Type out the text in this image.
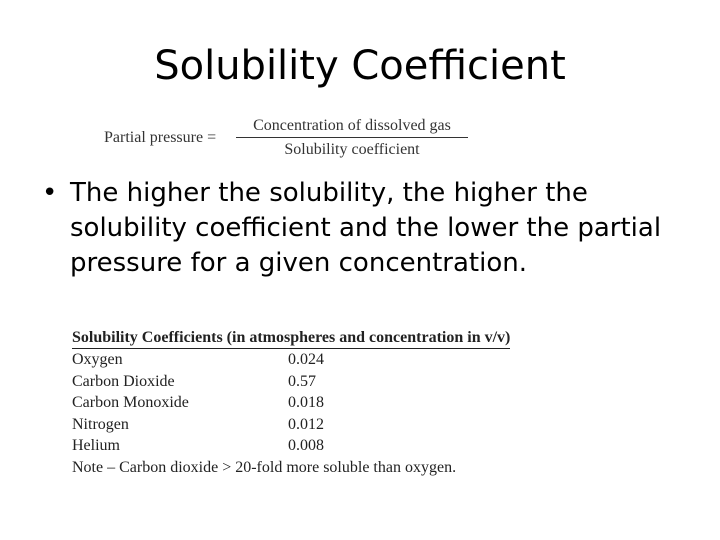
Solubility Coefficient
Partial pressure =
Concentration of dissolved gas
Solubility coefficient
• The higher the solubility, the higher the solubility coefficient and the lower the partial pressure for a given concentration.
Solubility Coefficients (in atmospheres and concentration in v/v)
Oxygen	0.024
Carbon Dioxide	0.57
Carbon Monoxide	0.018
Nitrogen	0.012
Helium	0.008
Note – Carbon dioxide > 20-fold more soluble than oxygen.
